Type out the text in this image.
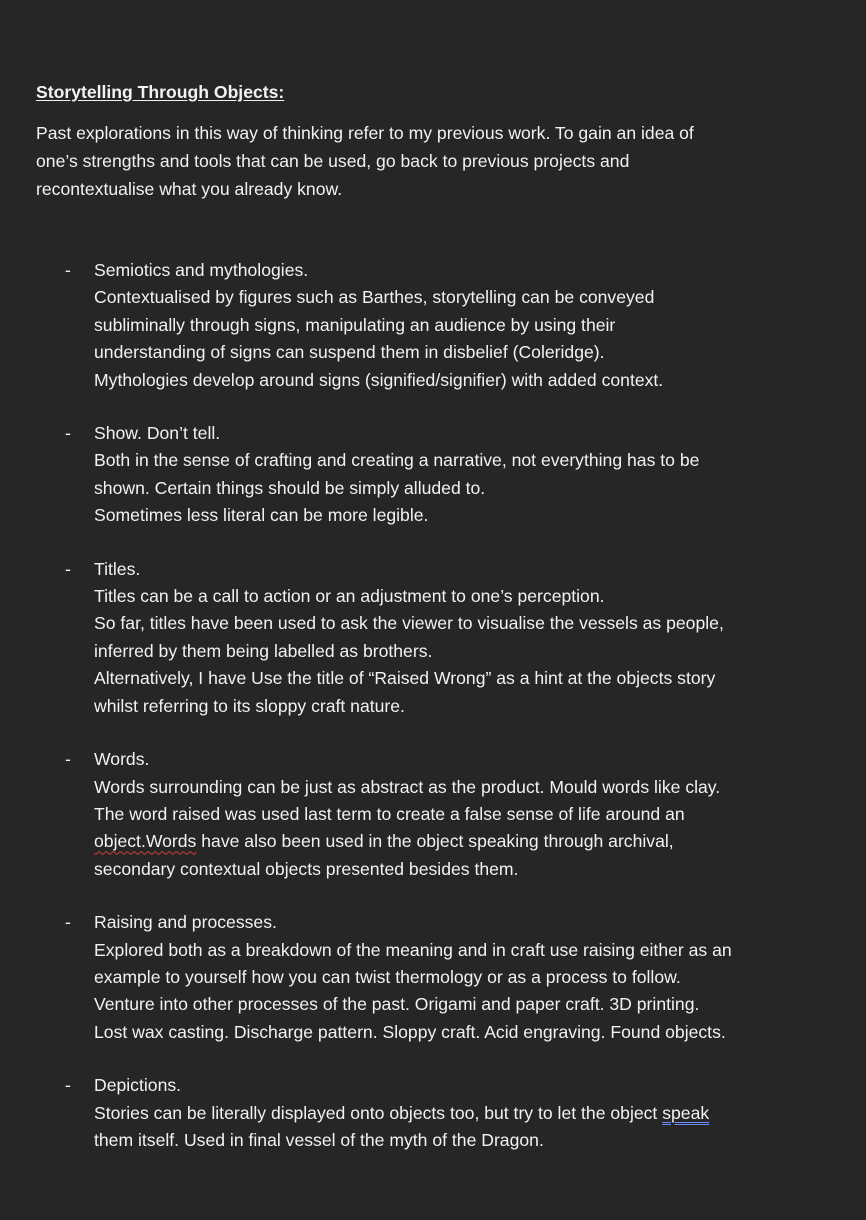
Storytelling Through Objects:

Past explorations in this way of thinking refer to my previous work. To gain an idea of
one’s strengths and tools that can be used, go back to previous projects and
recontextualise what you already know.

- Semiotics and mythologies.
Contextualised by figures such as Barthes, storytelling can be conveyed
subliminally through signs, manipulating an audience by using their
understanding of signs can suspend them in disbelief (Coleridge).
Mythologies develop around signs (signified/signifier) with added context.
- Show. Don’t tell.
Both in the sense of crafting and creating a narrative, not everything has to be
shown. Certain things should be simply alluded to.
Sometimes less literal can be more legible.
- Titles.
Titles can be a call to action or an adjustment to one’s perception.
So far, titles have been used to ask the viewer to visualise the vessels as people,
inferred by them being labelled as brothers.
Alternatively, I have Use the title of “Raised Wrong” as a hint at the objects story
whilst referring to its sloppy craft nature.
- Words.
Words surrounding can be just as abstract as the product. Mould words like clay.
The word raised was used last term to create a false sense of life around an
object.Words have also been used in the object speaking through archival,
secondary contextual objects presented besides them.
- Raising and processes.
Explored both as a breakdown of the meaning and in craft use raising either as an
example to yourself how you can twist thermology or as a process to follow.
Venture into other processes of the past. Origami and paper craft. 3D printing.
Lost wax casting. Discharge pattern. Sloppy craft. Acid engraving. Found objects.
- Depictions.
Stories can be literally displayed onto objects too, but try to let the object speak
them itself. Used in final vessel of the myth of the Dragon.
